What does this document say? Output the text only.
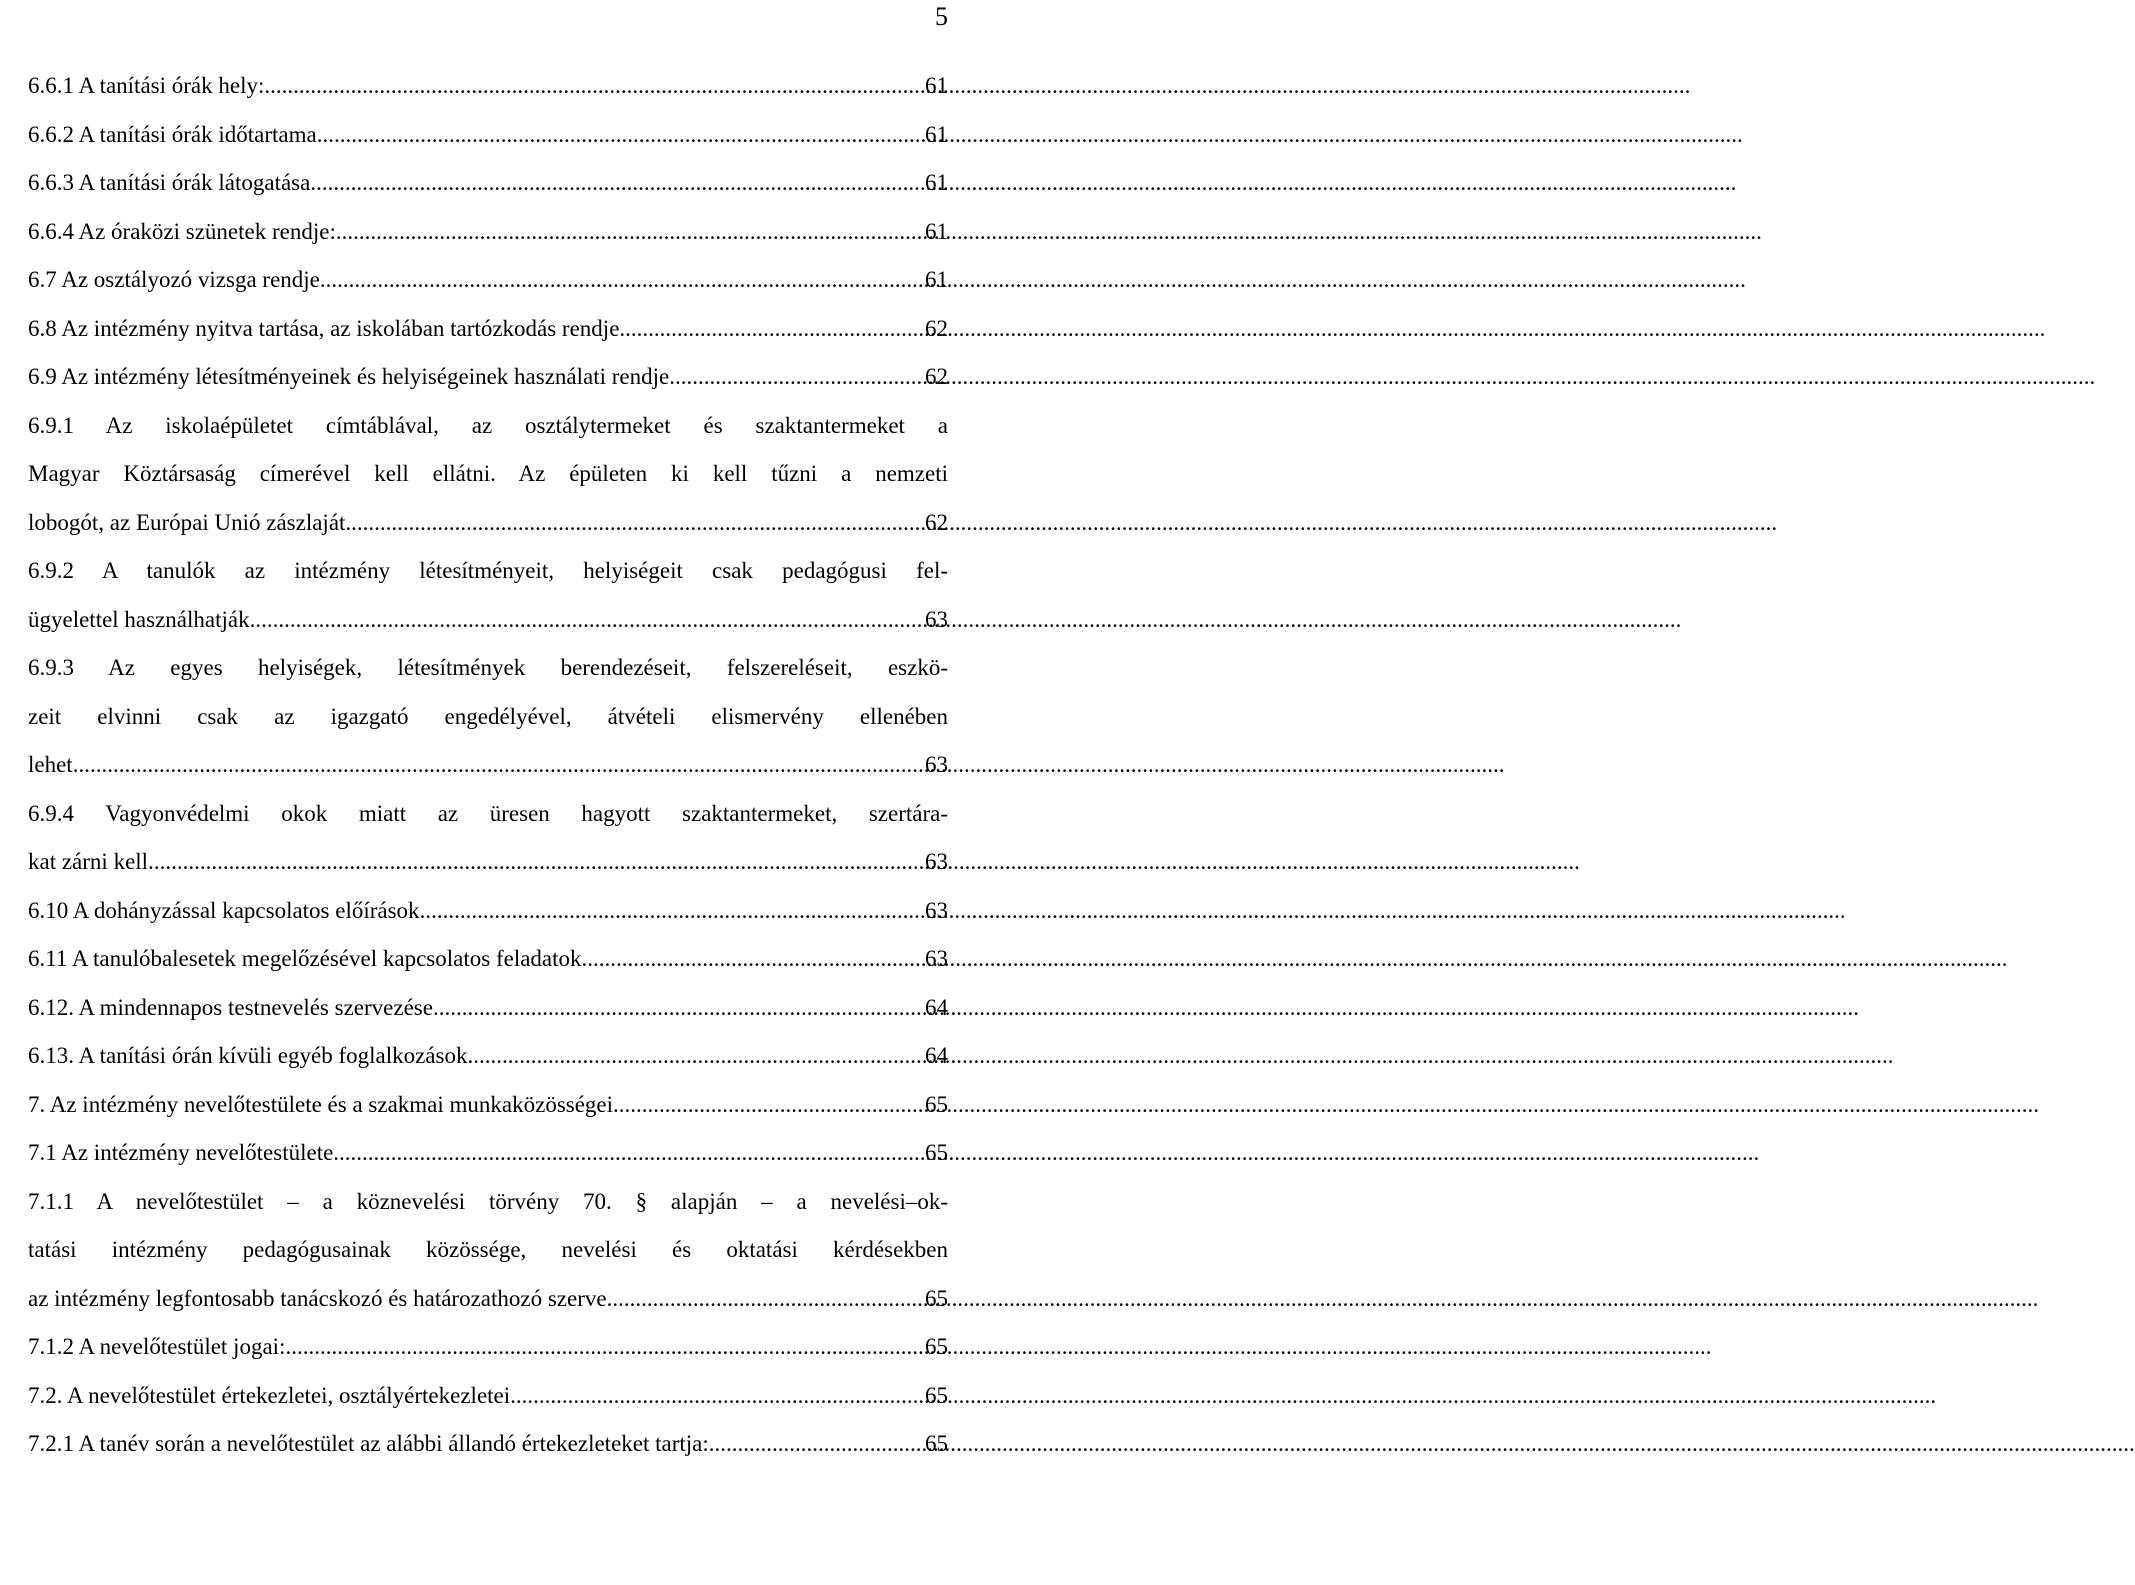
5
6.6.1 A tanítási órák hely: .....	61
6.6.2 A tanítási órák időtartama .....	61
6.6.3 A tanítási órák látogatása .....	61
6.6.4 Az óraközi szünetek rendje: .....	61
6.7 Az osztályozó vizsga rendje .....	61
6.8 Az intézmény nyitva tartása, az iskolában tartózkodás rendje .....	62
6.9 Az intézmény létesítményeinek és helyiségeinek használati rendje .....	62
6.9.1 Az iskolaépületet címtáblával, az osztálytermeket és szaktantermeket a
Magyar Köztársaság címerével kell ellátni. Az épületen ki kell tűzni a nemzeti
lobogót, az Európai Unió zászlaját. .....	62
6.9.2 A tanulók az intézmény létesítményeit, helyiségeit csak pedagógusi fel-
ügyelettel használhatják. .....	63
6.9.3 Az egyes helyiségek, létesítmények berendezéseit, felszereléseit, eszkö-
zeit elvinni csak az igazgató engedélyével, átvételi elismervény ellenében
lehet. .....	63
6.9.4 Vagyonvédelmi okok miatt az üresen hagyott szaktantermeket, szertára-
kat zárni kell. .....	63
6.10 A dohányzással kapcsolatos előírások .....	63
6.11 A tanulóbalesetek megelőzésével kapcsolatos feladatok .....	63
6.12. A mindennapos testnevelés szervezése .....	64
6.13. A tanítási órán kívüli egyéb foglalkozások .....	64
7. Az intézmény nevelőtestülete és a szakmai munkaközösségei .....	65
7.1 Az intézmény nevelőtestülete .....	65
7.1.1 A nevelőtestület – a köznevelési törvény 70. § alapján – a nevelési–ok-
tatási intézmény pedagógusainak közössége, nevelési és oktatási kérdésekben
az intézmény legfontosabb tanácskozó és határozathozó szerve. .....	65
7.1.2 A nevelőtestület jogai: .....	65
7.2. A nevelőtestület értekezletei, osztályértekezletei .....	65
7.2.1 A tanév során a nevelőtestület az alábbi állandó értekezleteket tartja: .....	65
